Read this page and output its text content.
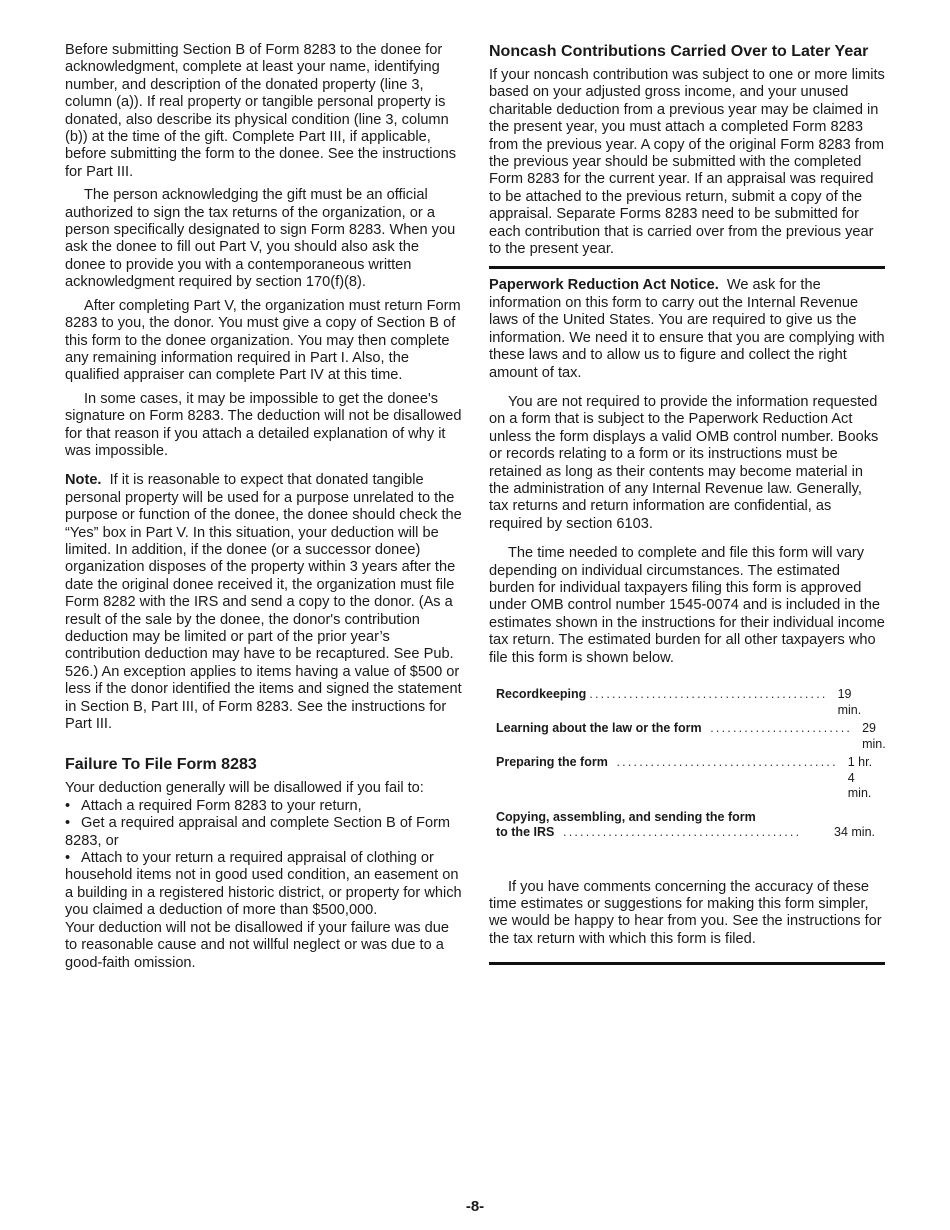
Before submitting Section B of Form 8283 to the donee for acknowledgment, complete at least your name, identifying number, and description of the donated property (line 3, column (a)). If real property or tangible personal property is donated, also describe its physical condition (line 3, column (b)) at the time of the gift. Complete Part III, if applicable, before submitting the form to the donee. See the instructions for Part III.

The person acknowledging the gift must be an official authorized to sign the tax returns of the organization, or a person specifically designated to sign Form 8283. When you ask the donee to fill out Part V, you should also ask the donee to provide you with a contemporaneous written acknowledgment required by section 170(f)(8).

After completing Part V, the organization must return Form 8283 to you, the donor. You must give a copy of Section B of this form to the donee organization. You may then complete any remaining information required in Part I. Also, the qualified appraiser can complete Part IV at this time.

In some cases, it may be impossible to get the donee's signature on Form 8283. The deduction will not be disallowed for that reason if you attach a detailed explanation of why it was impossible.

Note. If it is reasonable to expect that donated tangible personal property will be used for a purpose unrelated to the purpose or function of the donee, the donee should check the “Yes” box in Part V. In this situation, your deduction will be limited. In addition, if the donee (or a successor donee) organization disposes of the property within 3 years after the date the original donee received it, the organization must file Form 8282 with the IRS and send a copy to the donor. (As a result of the sale by the donee, the donor's contribution deduction may be limited or part of the prior year’s contribution deduction may have to be recaptured. See Pub. 526.) An exception applies to items having a value of $500 or less if the donor identified the items and signed the statement in Section B, Part III, of Form 8283. See the instructions for Part III.

Failure To File Form 8283

Your deduction generally will be disallowed if you fail to:

• Attach a required Form 8283 to your return,

• Get a required appraisal and complete Section B of Form 8283, or

• Attach to your return a required appraisal of clothing or household items not in good used condition, an easement on a building in a registered historic district, or property for which you claimed a deduction of more than $500,000.

Your deduction will not be disallowed if your failure was due to reasonable cause and not willful neglect or was due to a good-faith omission.

Noncash Contributions Carried Over to Later Year

If your noncash contribution was subject to one or more limits based on your adjusted gross income, and your unused charitable deduction from a previous year may be claimed in the present year, you must attach a completed Form 8283 from the previous year. A copy of the original Form 8283 from the previous year should be submitted with the completed Form 8283 for the current year. If an appraisal was required to be attached to the previous return, submit a copy of the appraisal. Separate Forms 8283 need to be submitted for each contribution that is carried over from the previous year to the present year.

Paperwork Reduction Act Notice. We ask for the information on this form to carry out the Internal Revenue laws of the United States. You are required to give us the information. We need it to ensure that you are complying with these laws and to allow us to figure and collect the right amount of tax.

You are not required to provide the information requested on a form that is subject to the Paperwork Reduction Act unless the form displays a valid OMB control number. Books or records relating to a form or its instructions must be retained as long as their contents may become material in the administration of any Internal Revenue law. Generally, tax returns and return information are confidential, as required by section 6103.

The time needed to complete and file this form will vary depending on individual circumstances. The estimated burden for individual taxpayers filing this form is approved under OMB control number 1545-0074 and is included in the estimates shown in the instructions for their individual income tax return. The estimated burden for all other taxpayers who file this form is shown below.

Recordkeeping .......................................... 19 min.
Learning about the law or the form ......................... 29 min.
Preparing the form ....................................... 1 hr. 4 min.
Copying, assembling, and sending the form
to the IRS ..........................................	34 min.

If you have comments concerning the accuracy of these time estimates or suggestions for making this form simpler, we would be happy to hear from you. See the instructions for the tax return with which this form is filed.

-8-
